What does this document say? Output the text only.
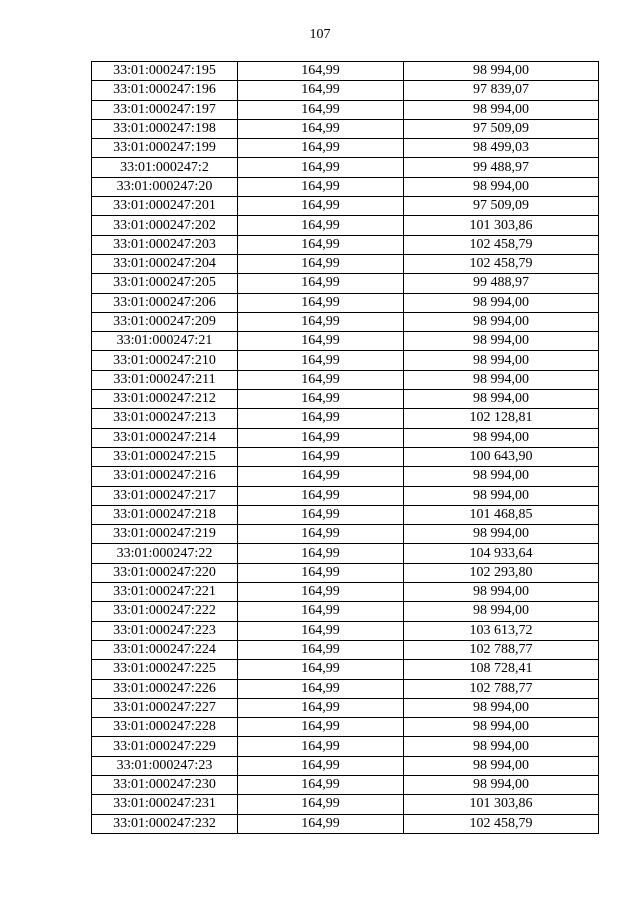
107
33:01:000247:195	164,99	98 994,00
33:01:000247:196	164,99	97 839,07
33:01:000247:197	164,99	98 994,00
33:01:000247:198	164,99	97 509,09
33:01:000247:199	164,99	98 499,03
33:01:000247:2	164,99	99 488,97
33:01:000247:20	164,99	98 994,00
33:01:000247:201	164,99	97 509,09
33:01:000247:202	164,99	101 303,86
33:01:000247:203	164,99	102 458,79
33:01:000247:204	164,99	102 458,79
33:01:000247:205	164,99	99 488,97
33:01:000247:206	164,99	98 994,00
33:01:000247:209	164,99	98 994,00
33:01:000247:21	164,99	98 994,00
33:01:000247:210	164,99	98 994,00
33:01:000247:211	164,99	98 994,00
33:01:000247:212	164,99	98 994,00
33:01:000247:213	164,99	102 128,81
33:01:000247:214	164,99	98 994,00
33:01:000247:215	164,99	100 643,90
33:01:000247:216	164,99	98 994,00
33:01:000247:217	164,99	98 994,00
33:01:000247:218	164,99	101 468,85
33:01:000247:219	164,99	98 994,00
33:01:000247:22	164,99	104 933,64
33:01:000247:220	164,99	102 293,80
33:01:000247:221	164,99	98 994,00
33:01:000247:222	164,99	98 994,00
33:01:000247:223	164,99	103 613,72
33:01:000247:224	164,99	102 788,77
33:01:000247:225	164,99	108 728,41
33:01:000247:226	164,99	102 788,77
33:01:000247:227	164,99	98 994,00
33:01:000247:228	164,99	98 994,00
33:01:000247:229	164,99	98 994,00
33:01:000247:23	164,99	98 994,00
33:01:000247:230	164,99	98 994,00
33:01:000247:231	164,99	101 303,86
33:01:000247:232	164,99	102 458,79
